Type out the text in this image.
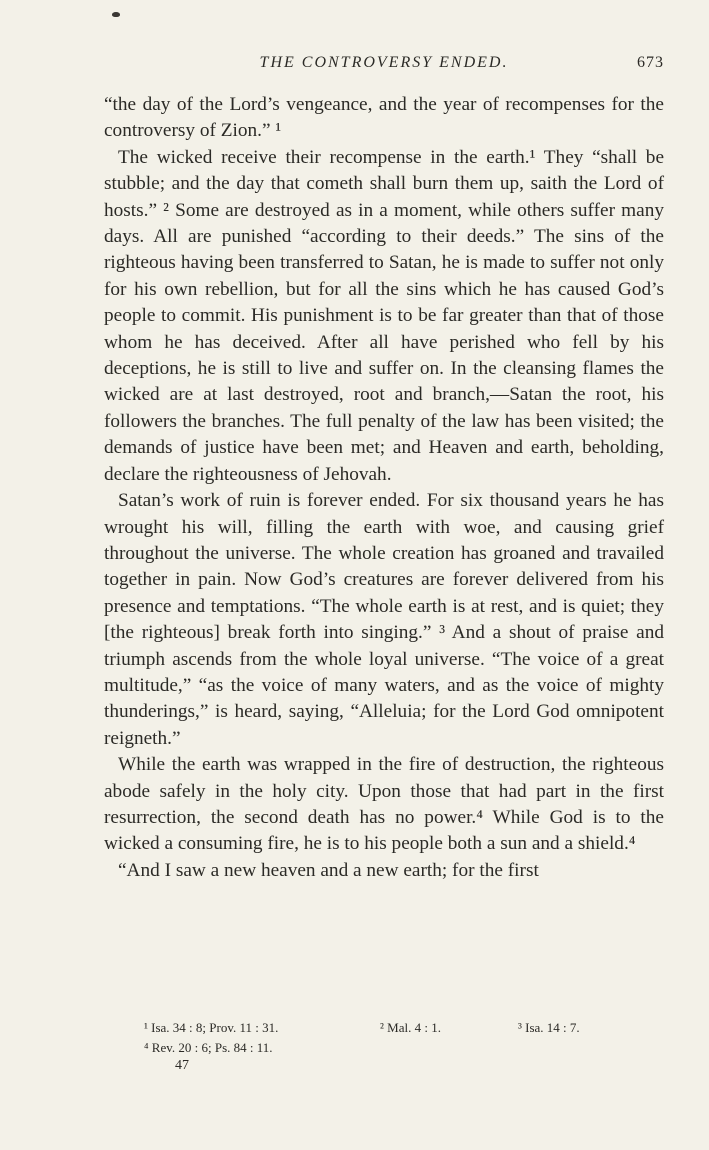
THE CONTROVERSY ENDED.	673

“the day of the Lord’s vengeance, and the year of recompenses for the controversy of Zion.” ¹

The wicked receive their recompense in the earth.¹ They “shall be stubble; and the day that cometh shall burn them up, saith the Lord of hosts.” ² Some are destroyed as in a moment, while others suffer many days. All are punished “according to their deeds.” The sins of the righteous having been transferred to Satan, he is made to suffer not only for his own rebellion, but for all the sins which he has caused God’s people to commit. His punishment is to be far greater than that of those whom he has deceived. After all have perished who fell by his deceptions, he is still to live and suffer on. In the cleansing flames the wicked are at last destroyed, root and branch,—Satan the root, his followers the branches. The full penalty of the law has been visited; the demands of justice have been met; and Heaven and earth, beholding, declare the righteousness of Jehovah.

Satan’s work of ruin is forever ended. For six thousand years he has wrought his will, filling the earth with woe, and causing grief throughout the universe. The whole creation has groaned and travailed together in pain. Now God’s creatures are forever delivered from his presence and temptations. “The whole earth is at rest, and is quiet; they [the righteous] break forth into singing.” ³ And a shout of praise and triumph ascends from the whole loyal universe. “The voice of a great multitude,” “as the voice of many waters, and as the voice of mighty thunderings,” is heard, saying, “Alleluia; for the Lord God omnipotent reigneth.”

While the earth was wrapped in the fire of destruction, the righteous abode safely in the holy city. Upon those that had part in the first resurrection, the second death has no power.⁴ While God is to the wicked a consuming fire, he is to his people both a sun and a shield.⁴

“And I saw a new heaven and a new earth; for the first

¹ Isa. 34 : 8; Prov. 11 : 31.	² Mal. 4 : 1.	³ Isa. 14 : 7.
⁴ Rev. 20 : 6; Ps. 84 : 11.
47
